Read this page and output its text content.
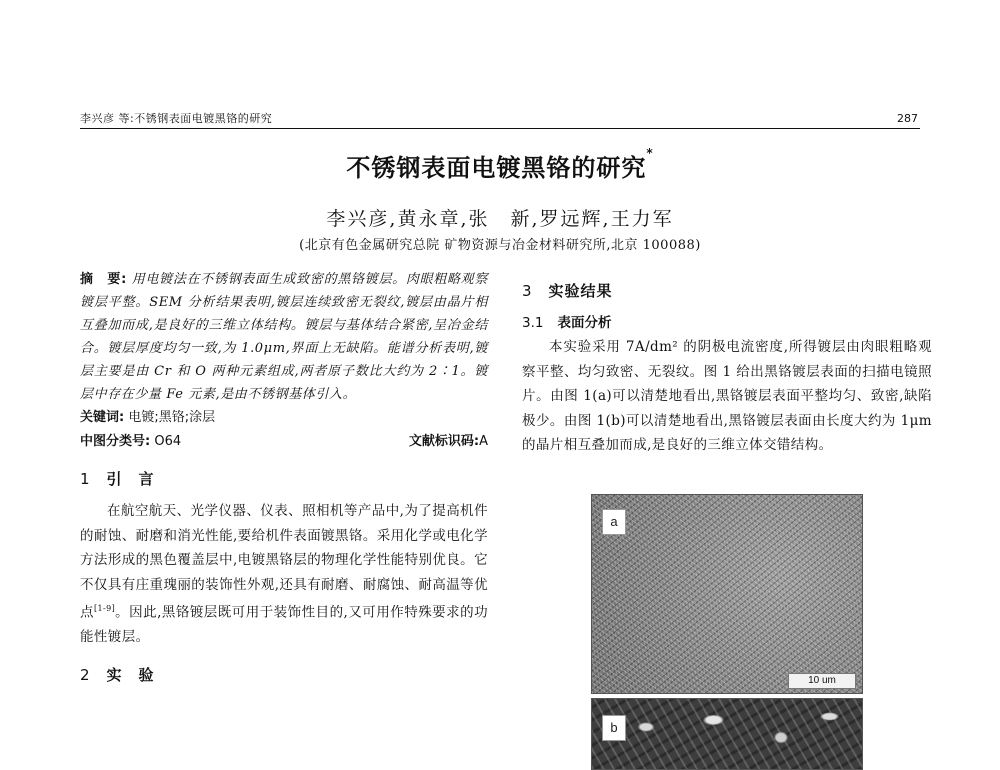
李兴彦 等:不锈钢表面电镀黑铬的研究	287
不锈钢表面电镀黑铬的研究*
李兴彦,黄永章,张　新,罗远辉,王力军
(北京有色金属研究总院 矿物资源与冶金材料研究所,北京 100088)

摘　要: 用电镀法在不锈钢表面生成致密的黑铬镀层。肉眼粗略观察镀层平整。SEM 分析结果表明,镀层连续致密无裂纹,镀层由晶片相互叠加而成,是良好的三维立体结构。镀层与基体结合紧密,呈冶金结合。镀层厚度均匀一致,为 1.0μm,界面上无缺陷。能谱分析表明,镀层主要是由 Cr 和 O 两种元素组成,两者原子数比大约为 2∶1。镀层中存在少量 Fe 元素,是由不锈钢基体引入。

关键词: 电镀;黑铬;涂层
中图分类号: O64	文献标识码:A
1 引　言

在航空航天、光学仪器、仪表、照相机等产品中,为了提高机件的耐蚀、耐磨和消光性能,要给机件表面镀黑铬。采用化学或电化学方法形成的黑色覆盖层中,电镀黑铬层的物理化学性能特别优良。它不仅具有庄重瑰丽的装饰性外观,还具有耐磨、耐腐蚀、耐高温等优点[1-9]。因此,黑铬镀层既可用于装饰性目的,又可用作特殊要求的功能性镀层。

2 实　验
3 实验结果
3.1 表面分析

本实验采用 7A/dm² 的阴极电流密度,所得镀层由肉眼粗略观察平整、均匀致密、无裂纹。图 1 给出黑铬镀层表面的扫描电镜照片。由图 1(a)可以清楚地看出,黑铬镀层表面平整均匀、致密,缺陷极少。由图 1(b)可以清楚地看出,黑铬镀层表面由长度大约为 1μm 的晶片相互叠加而成,是良好的三维立体交错结构。

a
10 um
b
